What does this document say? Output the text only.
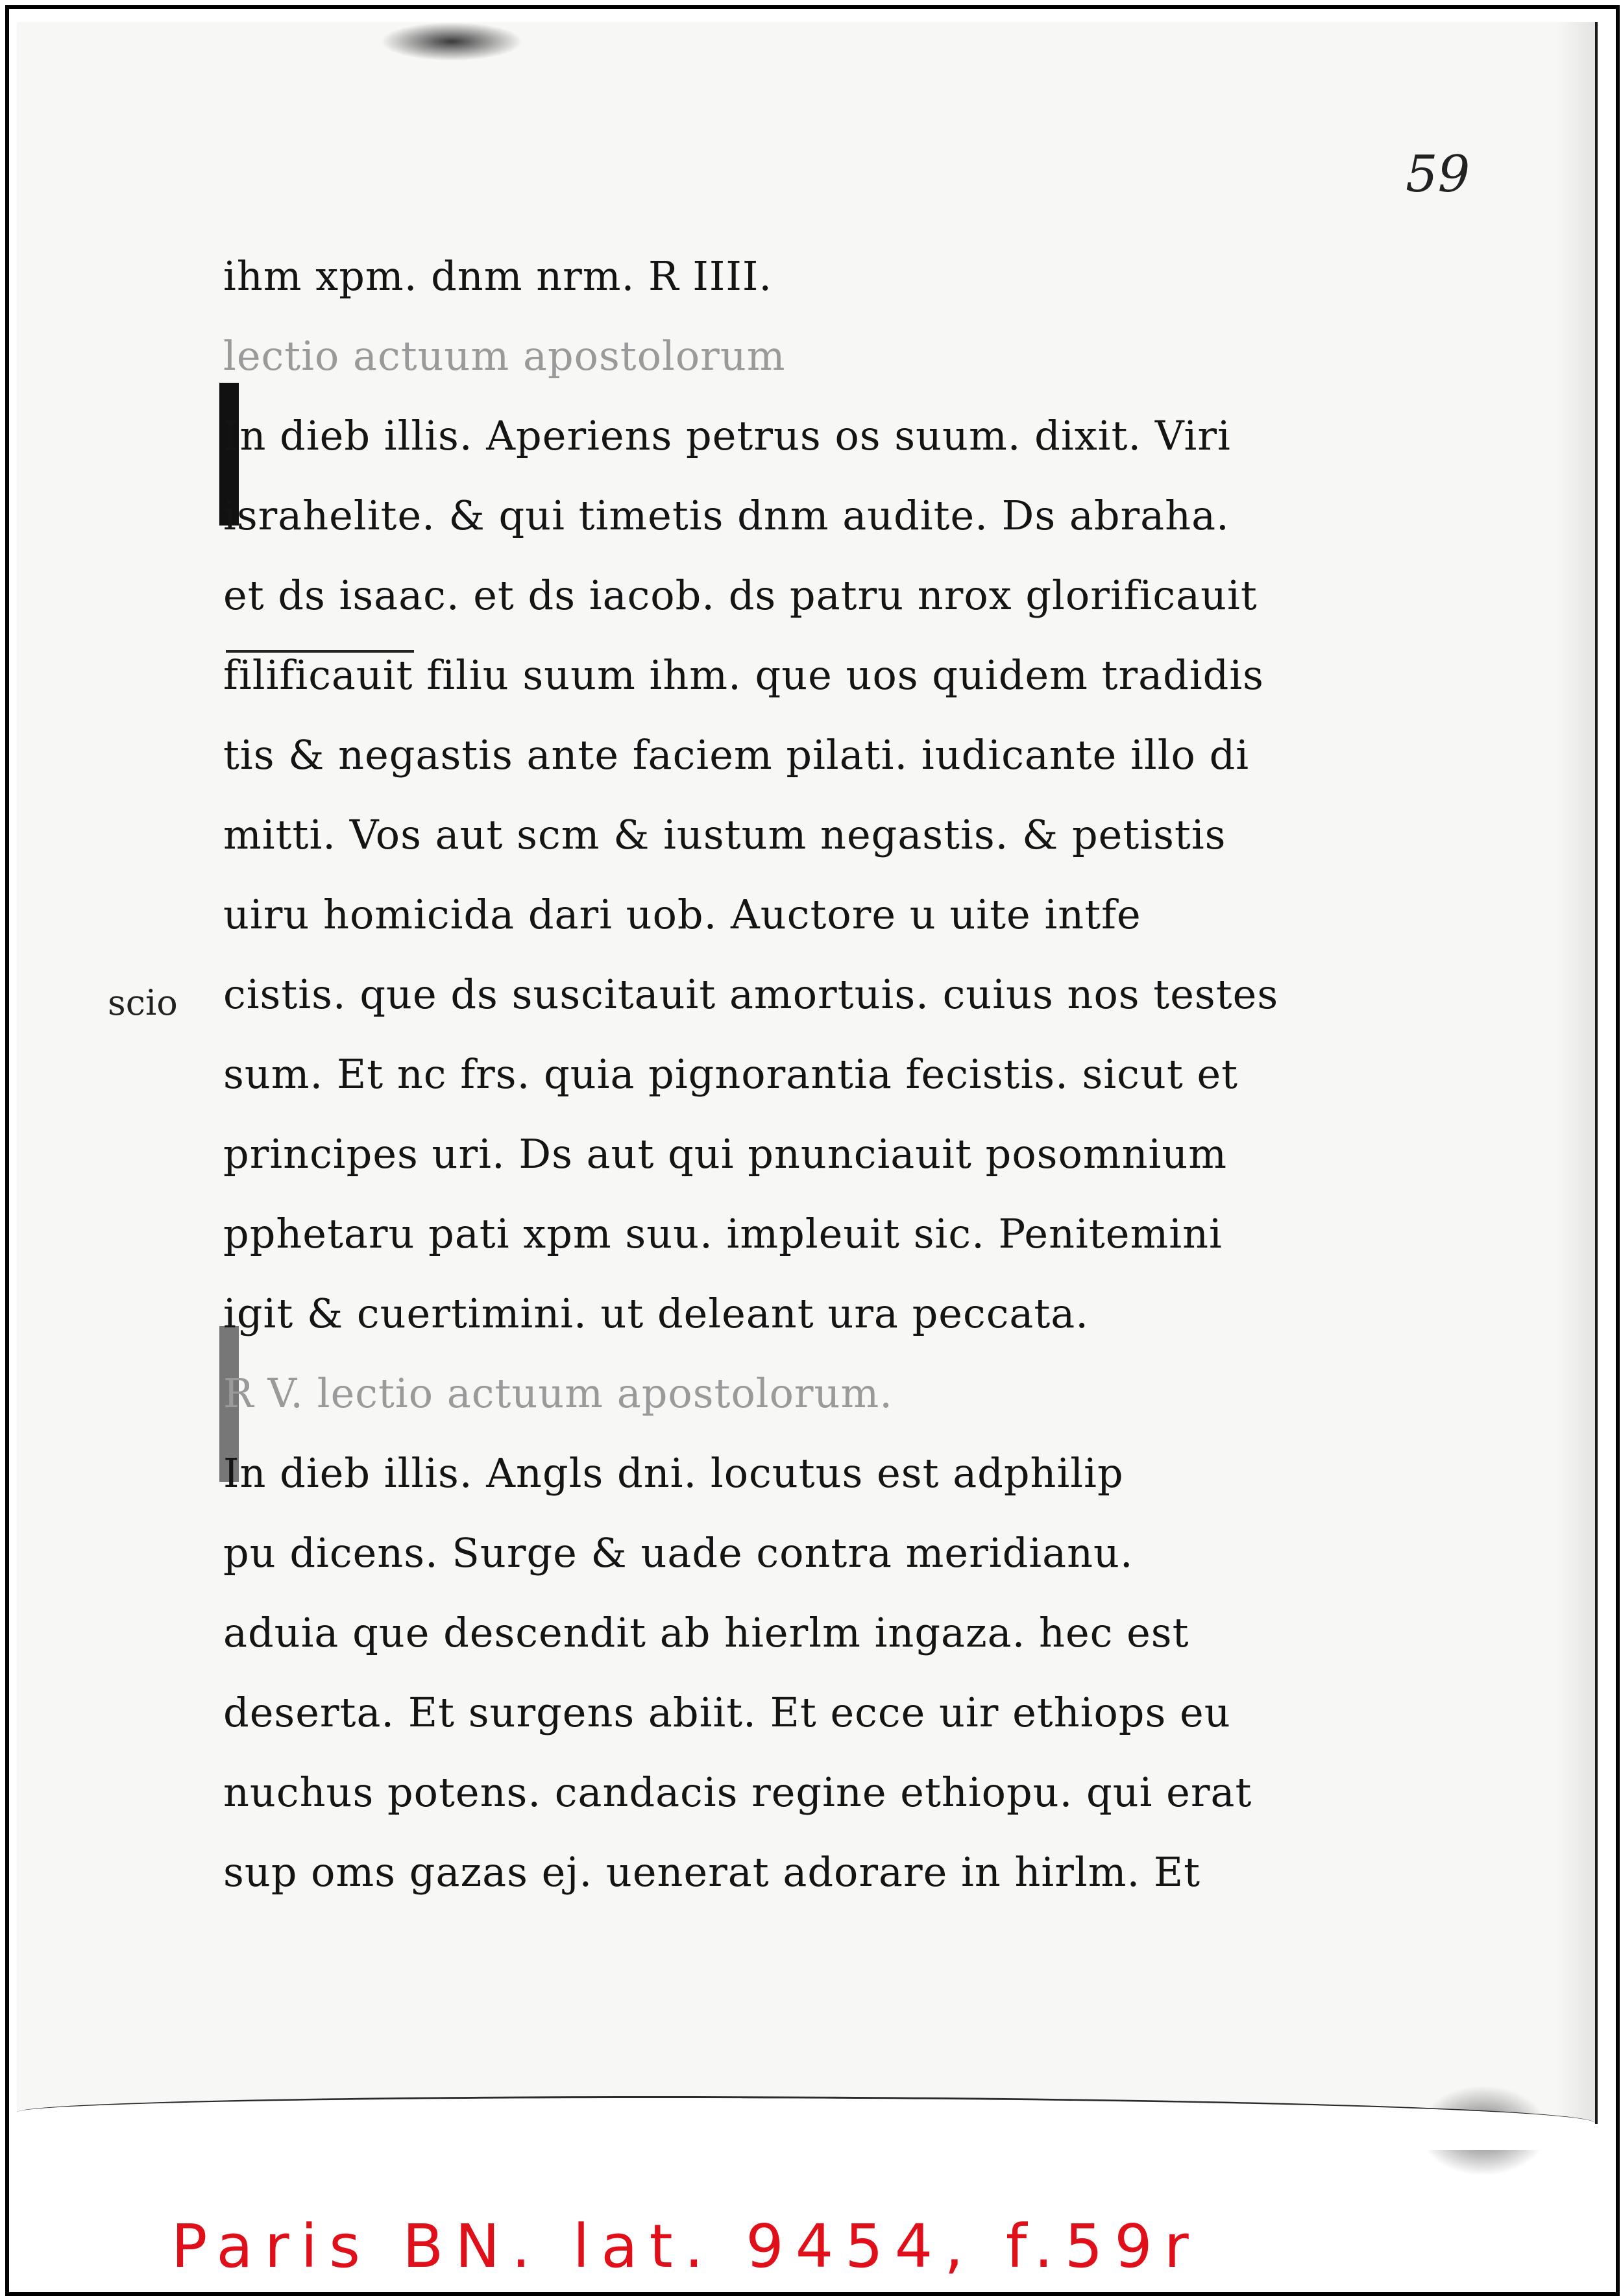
59
scio
ihm xpm. dnm nrm. R IIII.
lectio actuum apostolorum
In dieb illis. Aperiens petrus os suum. dixit. Viri
israhelite. & qui timetis dnm audite. Ds abraha.
et ds isaac. et ds iacob. ds patru nrox glorificauit
filificauit filiu suum ihm. que uos quidem tradidis
tis & negastis ante faciem pilati. iudicante illo di
mitti. Vos aut scm & iustum negastis. & petistis
uiru homicida dari uob. Auctore u uite intfe
cistis. que ds suscitauit amortuis. cuius nos testes
sum. Et nc frs. quia pignorantia fecistis. sicut et
principes uri. Ds aut qui pnunciauit posomnium
pphetaru pati xpm suu. impleuit sic. Penitemini
igit & cuertimini. ut deleant ura peccata.
R V. lectio actuum apostolorum.
In dieb illis. Angls dni. locutus est adphilip
pu dicens. Surge & uade contra meridianu.
aduia que descendit ab hierlm ingaza. hec est
deserta. Et surgens abiit. Et ecce uir ethiops eu
nuchus potens. candacis regine ethiopu. qui erat
sup oms gazas ej. uenerat adorare in hirlm. Et
Paris BN. lat. 9454, f.59r
